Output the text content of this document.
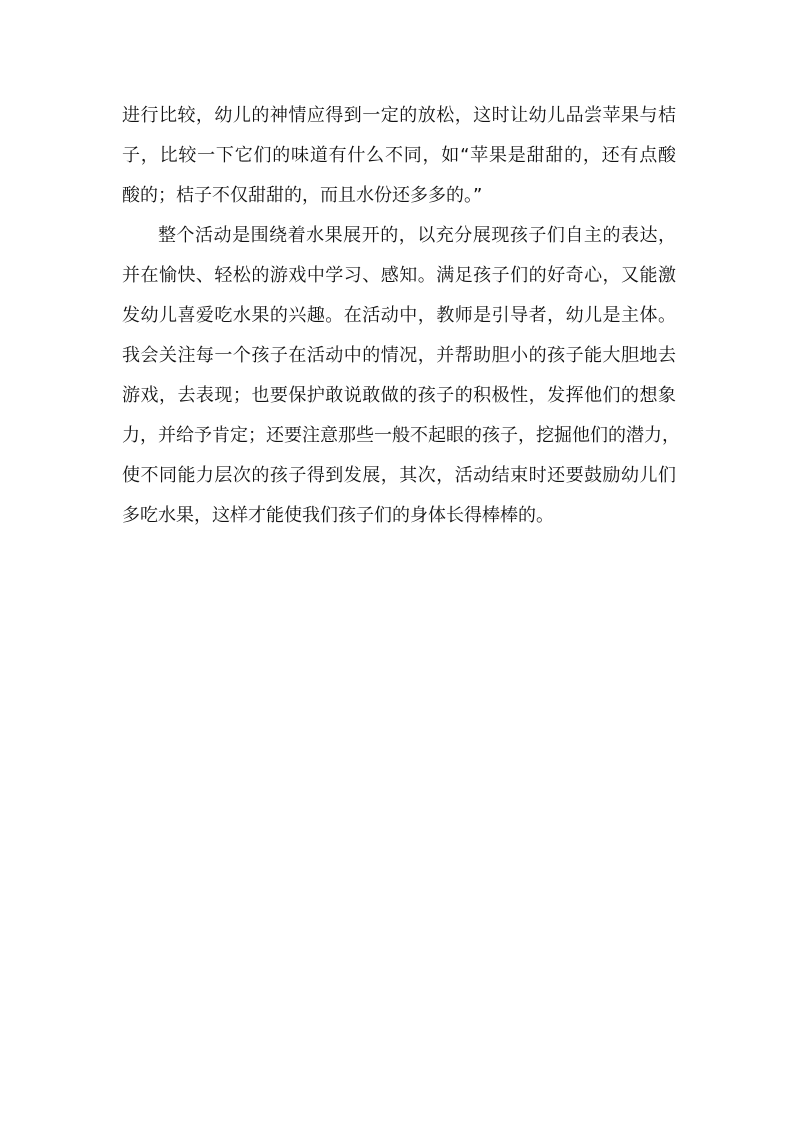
进行比较，幼儿的神情应得到一定的放松，这时让幼儿品尝苹果与桔
子，比较一下它们的味道有什么不同，如“苹果是甜甜的，还有点酸
酸的；桔子不仅甜甜的，而且水份还多多的。”
整个活动是围绕着水果展开的，以充分展现孩子们自主的表达，
并在愉快、轻松的游戏中学习、感知。满足孩子们的好奇心，又能激
发幼儿喜爱吃水果的兴趣。在活动中，教师是引导者，幼儿是主体。
我会关注每一个孩子在活动中的情况，并帮助胆小的孩子能大胆地去
游戏，去表现；也要保护敢说敢做的孩子的积极性，发挥他们的想象
力，并给予肯定；还要注意那些一般不起眼的孩子，挖掘他们的潜力，
使不同能力层次的孩子得到发展，其次，活动结束时还要鼓励幼儿们
多吃水果，这样才能使我们孩子们的身体长得棒棒的。
